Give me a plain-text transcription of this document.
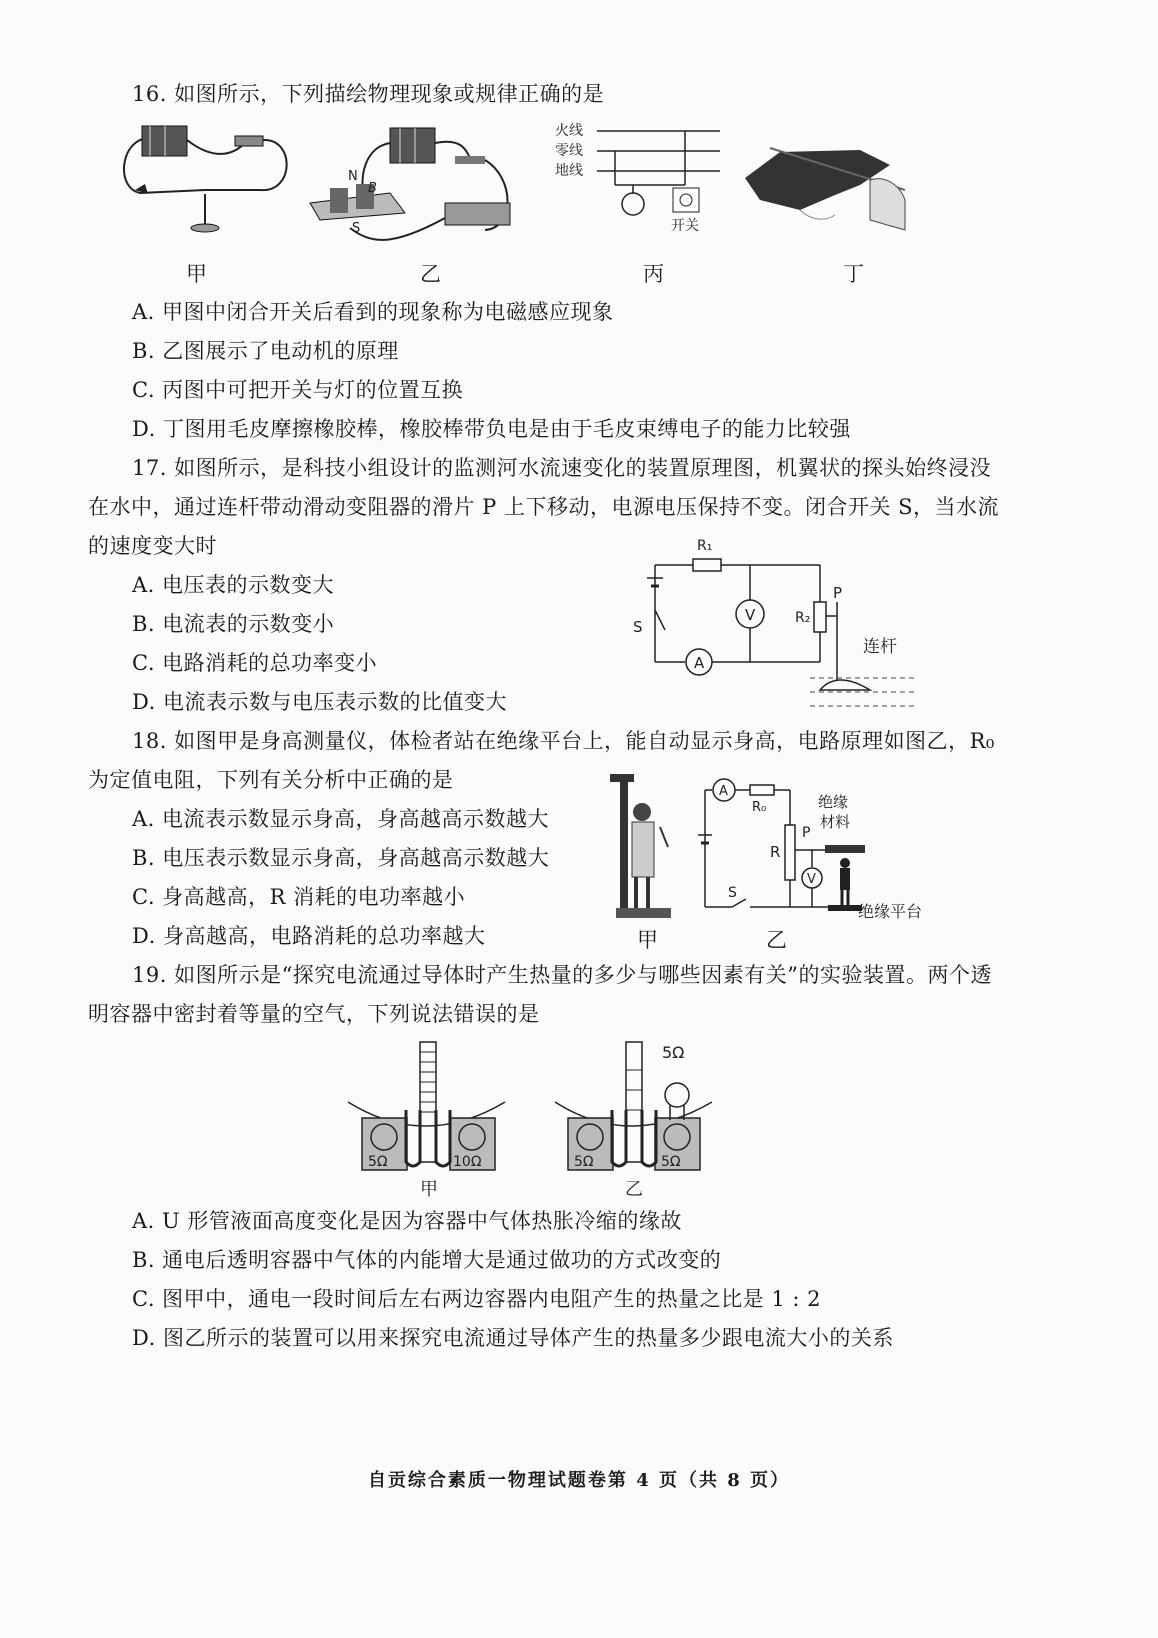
16. 如图所示，下列描绘物理现象或规律正确的是
甲
N
B
S
乙
火线
零线
地线
开关
丙	丁
A. 甲图中闭合开关后看到的现象称为电磁感应现象
B. 乙图展示了电动机的原理
C. 丙图中可把开关与灯的位置互换
D. 丁图用毛皮摩擦橡胶棒，橡胶棒带负电是由于毛皮束缚电子的能力比较强
17. 如图所示，是科技小组设计的监测河水流速变化的装置原理图，机翼状的探头始终浸没
在水中，通过连杆带动滑动变阻器的滑片 P 上下移动，电源电压保持不变。闭合开关 S，当水流
的速度变大时	R₁
V	R₂
P
A
S
连杆
A. 电压表的示数变大
B. 电流表的示数变小
C. 电路消耗的总功率变小
D. 电流表示数与电压表示数的比值变大
18. 如图甲是身高测量仪，体检者站在绝缘平台上，能自动显示身高，电路原理如图乙，R₀
为定值电阻，下列有关分析中正确的是
甲
A
R₀
R
P
绝缘
材料
V
S
绝缘平台
乙
A. 电流表示数显示身高，身高越高示数越大
B. 电压表示数显示身高，身高越高示数越大
C. 身高越高，R 消耗的电功率越小
D. 身高越高，电路消耗的总功率越大
19. 如图所示是“探究电流通过导体时产生热量的多少与哪些因素有关”的实验装置。两个透
明容器中密封着等量的空气，下列说法错误的是
5Ω	10Ω
甲
5Ω	5Ω
5Ω
乙
A. U 形管液面高度变化是因为容器中气体热胀冷缩的缘故
B. 通电后透明容器中气体的内能增大是通过做功的方式改变的
C. 图甲中，通电一段时间后左右两边容器内电阻产生的热量之比是 1 : 2
D. 图乙所示的装置可以用来探究电流通过导体产生的热量多少跟电流大小的关系
自贡综合素质一物理试题卷第 4 页（共 8 页）
